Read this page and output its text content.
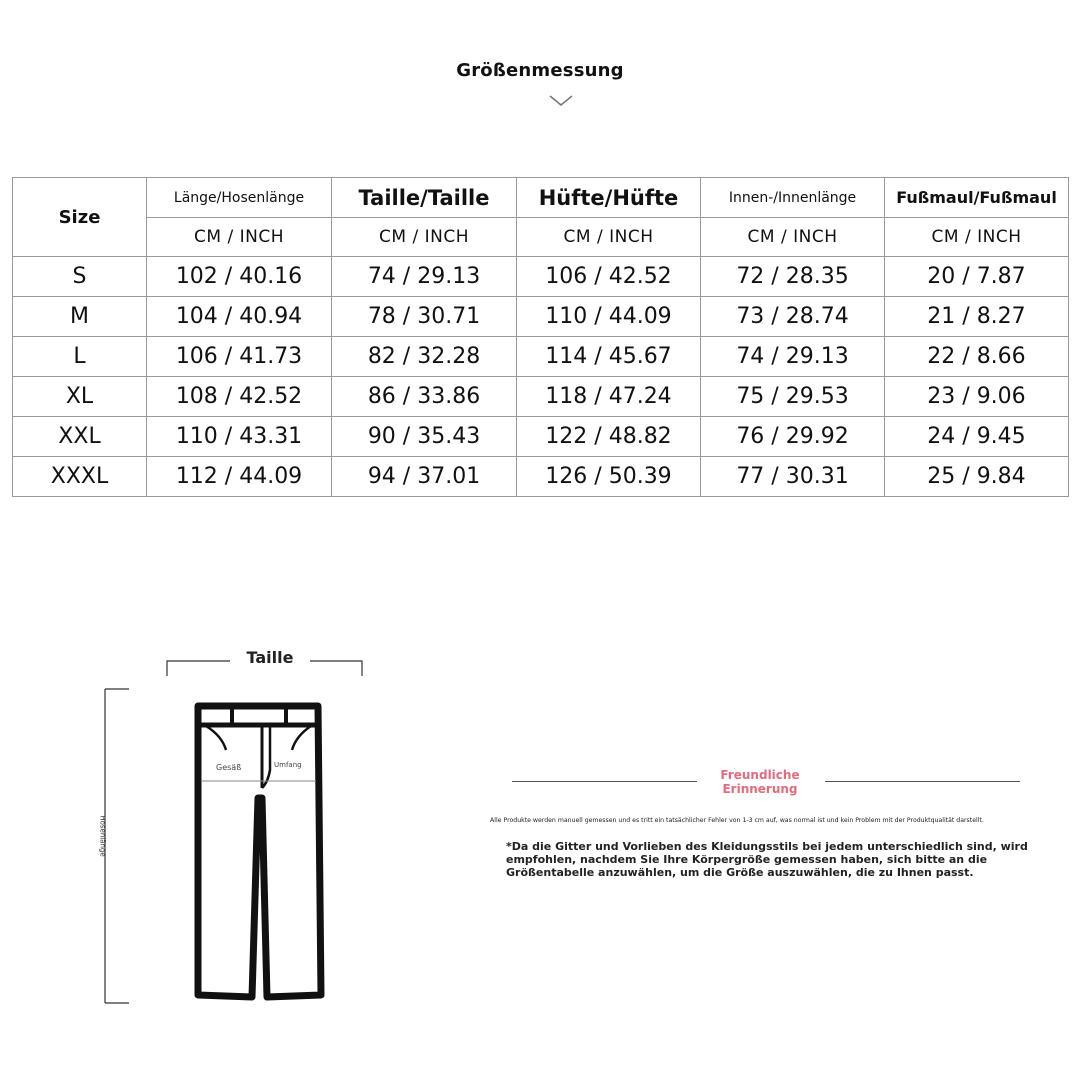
Größenmessung
Size	Länge/Hosenlänge	Taille/Taille	Hüfte/Hüfte	Innen-/Innenlänge	Fußmaul/Fußmaul
	CM / INCH	CM / INCH	CM / INCH	CM / INCH	CM / INCH
S	102 / 40.16	74 / 29.13	106 / 42.52	72 / 28.35	20 / 7.87
M	104 / 40.94	78 / 30.71	110 / 44.09	73 / 28.74	21 / 8.27
L	106 / 41.73	82 / 32.28	114 / 45.67	74 / 29.13	22 / 8.66
XL	108 / 42.52	86 / 33.86	118 / 47.24	75 / 29.53	23 / 9.06
XXL	110 / 43.31	90 / 35.43	122 / 48.82	76 / 29.92	24 / 9.45
XXXL	112 / 44.09	94 / 37.01	126 / 50.39	77 / 30.31	25 / 9.84
Taille
Hosenlänge
Gesäß	Umfang
Freundliche
Erinnerung
Alle Produkte werden manuell gemessen und es tritt ein tatsächlicher Fehler von 1-3 cm auf, was normal ist und kein Problem mit der Produktqualität darstellt.
*Da die Gitter und Vorlieben des Kleidungsstils bei jedem unterschiedlich sind, wird empfohlen, nachdem Sie Ihre Körpergröße gemessen haben, sich bitte an die Größentabelle anzuwählen, um die Größe auszuwählen, die zu Ihnen passt.
